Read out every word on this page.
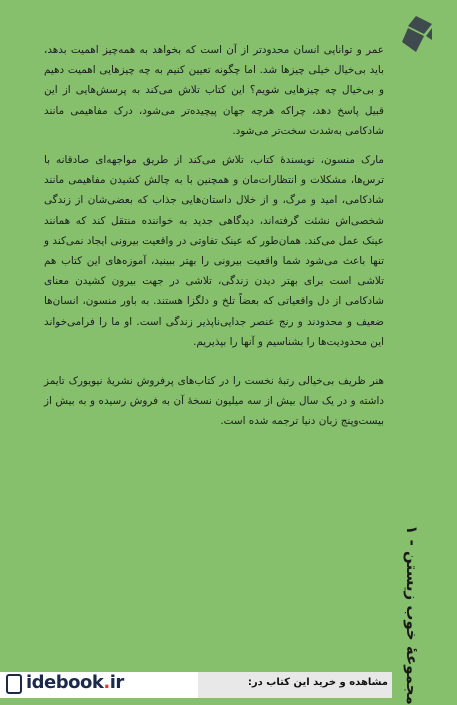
عمر و توانایی انسان محدودتر از آن است که بخواهد به همه‌چیز اهمیت بدهد، باید بی‌خیال خیلی چیزها شد. اما چگونه تعیین کنیم به چه چیزهایی اهمیت دهیم و بی‌خیال چه چیزهایی شویم؟ این کتاب تلاش می‌کند به پرسش‌هایی از این قبیل پاسخ دهد، چراکه هرچه جهان پیچیده‌تر می‌شود، درک مفاهیمی مانند شادکامی به‌شدت سخت‌تر می‌شود.

مارک منسون، نویسندهٔ کتاب، تلاش می‌کند از طریق مواجهه‌ای صادقانه با ترس‌ها، مشکلات و انتظارات‌مان و همچنین با به چالش کشیدن مفاهیمی مانند شادکامی، امید و مرگ، و از خلال داستان‌هایی جذاب که بعضی‌شان از زندگی شخصی‌اش نشئت گرفته‌اند، دیدگاهی جدید به خواننده منتقل کند که همانند عینک عمل می‌کند. همان‌طور که عینک تفاوتی در واقعیت بیرونی ایجاد نمی‌کند و تنها باعث می‌شود شما واقعیت بیرونی را بهتر ببینید، آموزه‌های این کتاب هم تلاشی است برای بهتر دیدن زندگی، تلاشی در جهت بیرون کشیدن معنای شادکامی از دل واقعیاتی که بعضاً تلخ و دلگزا هستند. به باور منسون، انسان‌ها ضعیف و محدودند و رنج عنصر جدایی‌ناپذیر زندگی است. او ما را فرامی‌خواند این محدودیت‌ها را بشناسیم و آنها را بپذیریم.

هنر ظریف بی‌خیالی رتبهٔ نخست را در کتاب‌های پرفروش نشریهٔ نیویورک تایمز داشته و در یک سال بیش از سه میلیون نسخهٔ آن به فروش رسیده و به بیش از بیست‌وپنج زبان دنیا ترجمه شده است.

مجموعهٔ خوب زیستن - ۱
idebook.ir	مشاهده و خرید این کتاب در:
